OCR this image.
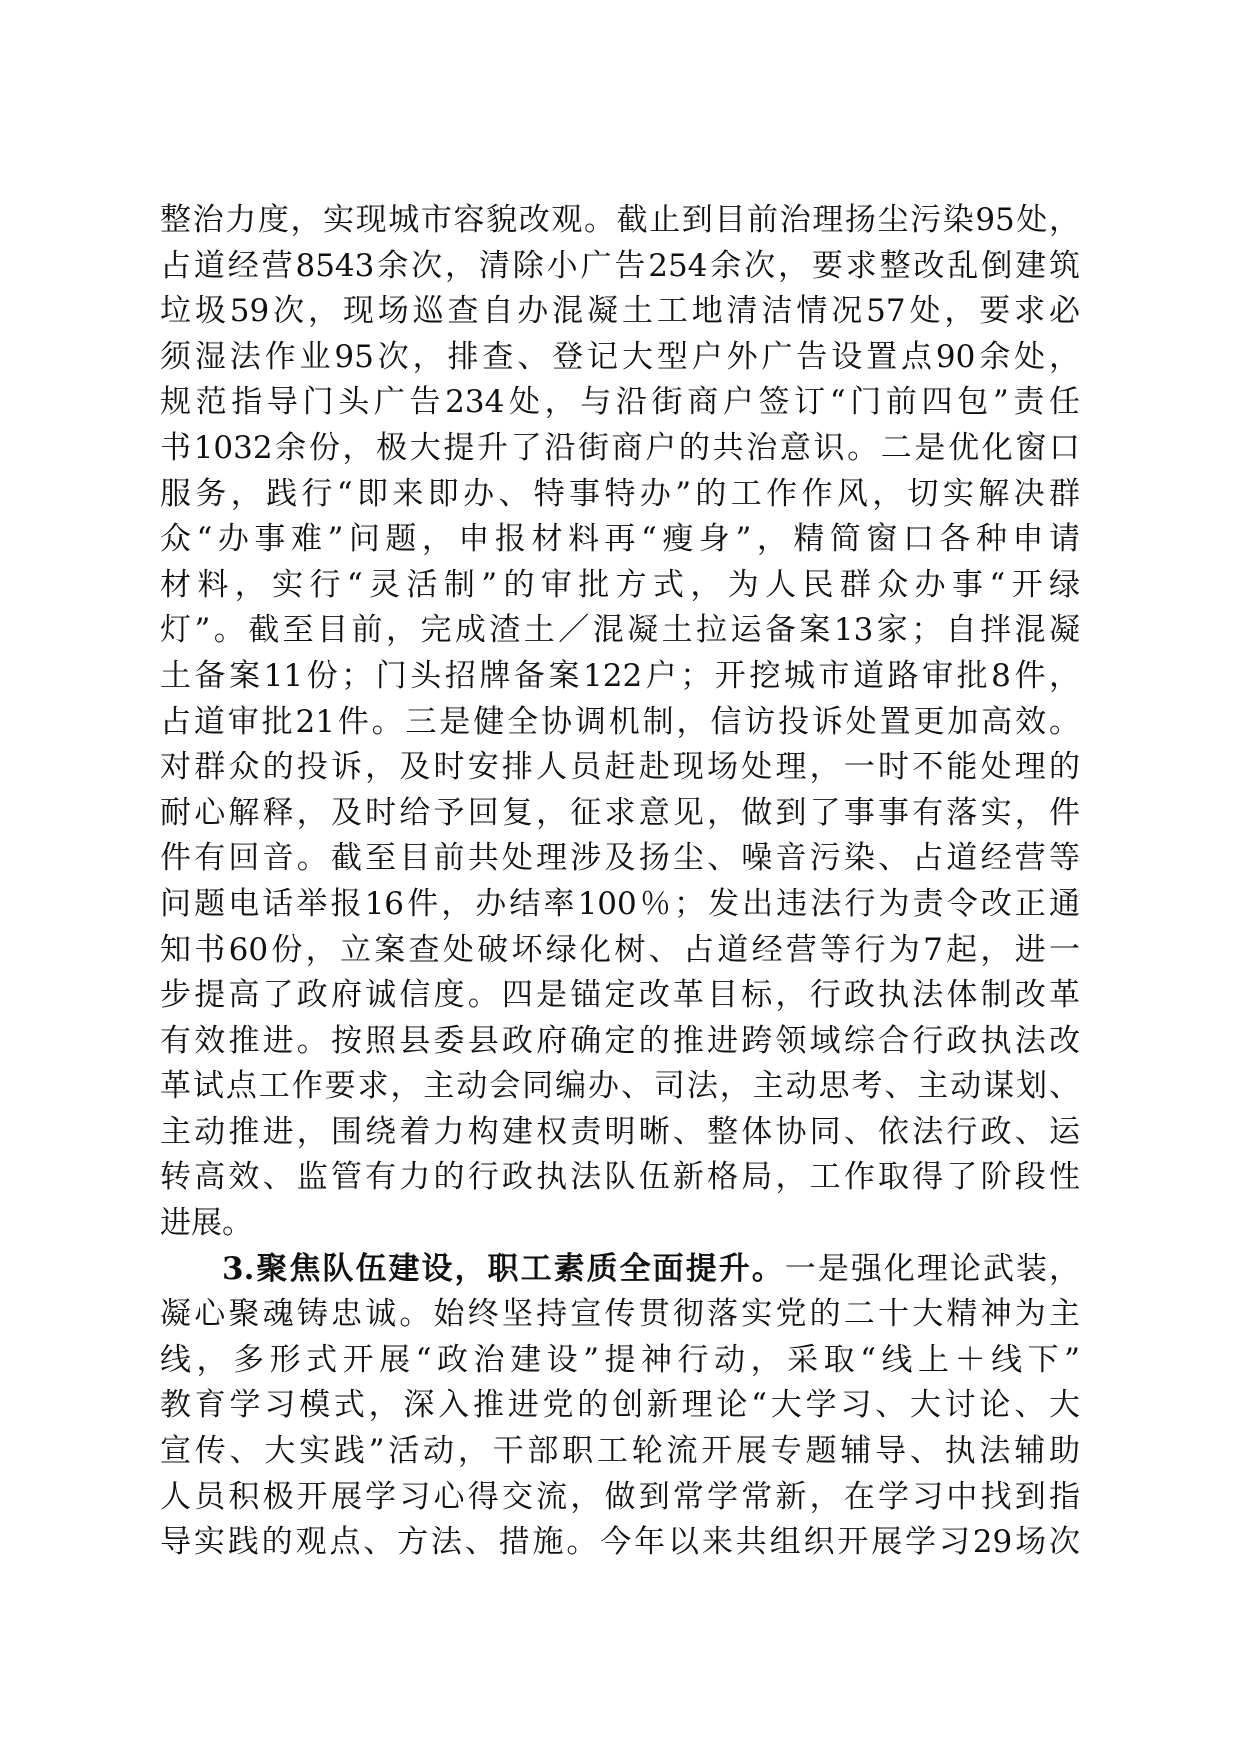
整治力度，实现城市容貌改观。截止到目前治理扬尘污染95处，
占道经营8543余次，清除小广告254余次，要求整改乱倒建筑
垃圾59次，现场巡查自办混凝土工地清洁情况57处，要求必
须湿法作业95次，排查、登记大型户外广告设置点90余处，
规范指导门头广告234处，与沿街商户签订“门前四包”责任
书1032余份，极大提升了沿街商户的共治意识。二是优化窗口
服务，践行“即来即办、特事特办”的工作作风，切实解决群
众“办事难”问题，申报材料再“瘦身”，精简窗口各种申请
材料，实行“灵活制”的审批方式，为人民群众办事“开绿
灯”。截至目前，完成渣土／混凝土拉运备案13家；自拌混凝
土备案11份；门头招牌备案122户；开挖城市道路审批8件，
占道审批21件。三是健全协调机制，信访投诉处置更加高效。
对群众的投诉，及时安排人员赶赴现场处理，一时不能处理的
耐心解释，及时给予回复，征求意见，做到了事事有落实，件
件有回音。截至目前共处理涉及扬尘、噪音污染、占道经营等
问题电话举报16件，办结率100％；发出违法行为责令改正通
知书60份，立案查处破坏绿化树、占道经营等行为7起，进一
步提高了政府诚信度。四是锚定改革目标，行政执法体制改革
有效推进。按照县委县政府确定的推进跨领域综合行政执法改
革试点工作要求，主动会同编办、司法，主动思考、主动谋划、
主动推进，围绕着力构建权责明晰、整体协同、依法行政、运
转高效、监管有力的行政执法队伍新格局，工作取得了阶段性
进展。
3.聚焦队伍建设，职工素质全面提升。一是强化理论武装，
凝心聚魂铸忠诚。始终坚持宣传贯彻落实党的二十大精神为主
线，多形式开展“政治建设”提神行动，采取“线上＋线下”
教育学习模式，深入推进党的创新理论“大学习、大讨论、大
宣传、大实践”活动，干部职工轮流开展专题辅导、执法辅助
人员积极开展学习心得交流，做到常学常新，在学习中找到指
导实践的观点、方法、措施。今年以来共组织开展学习29场次
